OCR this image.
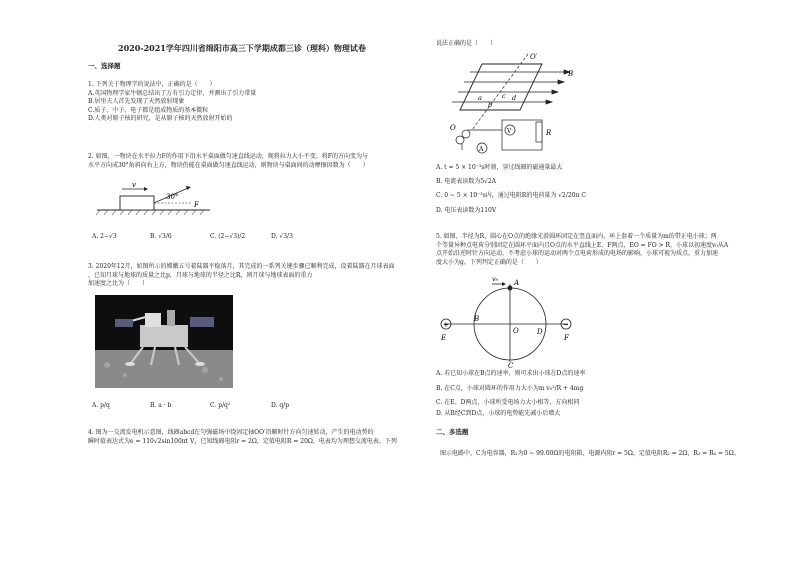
2020-2021学年四川省绵阳市高三下学期成都三诊（理科）物理试卷
一、选择题
1. 下列关于物理学的说法中，正确的是（　　）
A.英国物理学家牛顿总结出了万有引力定律，并测出了引力常量
B.居里夫人首先发现了天然放射现象
C.质子、中子、电子都是组成物质的基本微粒
D.人类对原子核的研究，是从原子核的天然放射开始的
2. 如图，一物块在水平拉力F的作用下沿水平桌面做匀速直线运动，现将拉力大小不变，将F的方向变为与
水平方向成30°角斜向右上方，物块仍能在桌面做匀速直线运动，则物块与桌面间的动摩擦因数为（　　）
v
30°
F
A. 2−√3	B. √3/6	C. (2−√3)/2	D. √3/3
3. 2020年12月，如图所示的嫦娥五号着陆器平稳落月，其完成的一系列关键步骤已顺利完成，设着陆器在月球表面
，已知月球与地球的质量之比p，月球与地球的半径之比R，则月球与地球表面的重力
加速度之比为（　　）
A. p/q	B. a · b	C. p/q²	D. q/p
4. 图为一交流发电机示意图，线圈abcd在匀强磁场中绕固定轴OO′沿顺时针方向匀速转动，产生的电动势的
瞬时值表达式为e = 110√2sin100πt V，已知线圈电阻r = 2Ω，定值电阻R = 20Ω，电表均为理想交流电表。下列
说法正确的是（　　）
O′
B
a
b
c d
O	V	R
A
A. t = 5 × 10⁻³s时刻，穿过线圈的磁通量最大
B. 电流表读数为5√2A
C. 0 ~ 5 × 10⁻³s内，通过电阻R的电荷量为 √2/20π C
D. 电压表读数为110V
5. 如图，半径为R、圆心在O点的绝缘光滑圆环固定在竖直面内，环上套着一个质量为m的带正电小球；两
个等量异种点电荷分别固定在圆环平面内且O点的水平直线上E、F两点，EO = FO > R，小球以初速度v₀从A
点开始沿逆时针方向运动，不考虑小球的运动对两个点电荷形成的电场的影响，小球可视为质点，重力加速
度大小为g。下列判定正确的是（　　）
+	−
v₀ A
B
C
D
E	F
O
A. 若已知小球在B点的速率，则可求出小球在D点的速率
B. 在C点，小球对圆环的作用力大小为m v₀²/R + 4mg
C. 在E、D两点，小球所受电场力大小相等，方向相同
D. 从B经C到D点，小球的电势能先减小后增大
二、多选题
图示电路中，C为电容器，R₁为0 ~ 99.00Ω的电阻箱，电源内阻r = 5Ω，定值电阻R₂ = 2Ω，R₃ = R₄ = 5Ω。
